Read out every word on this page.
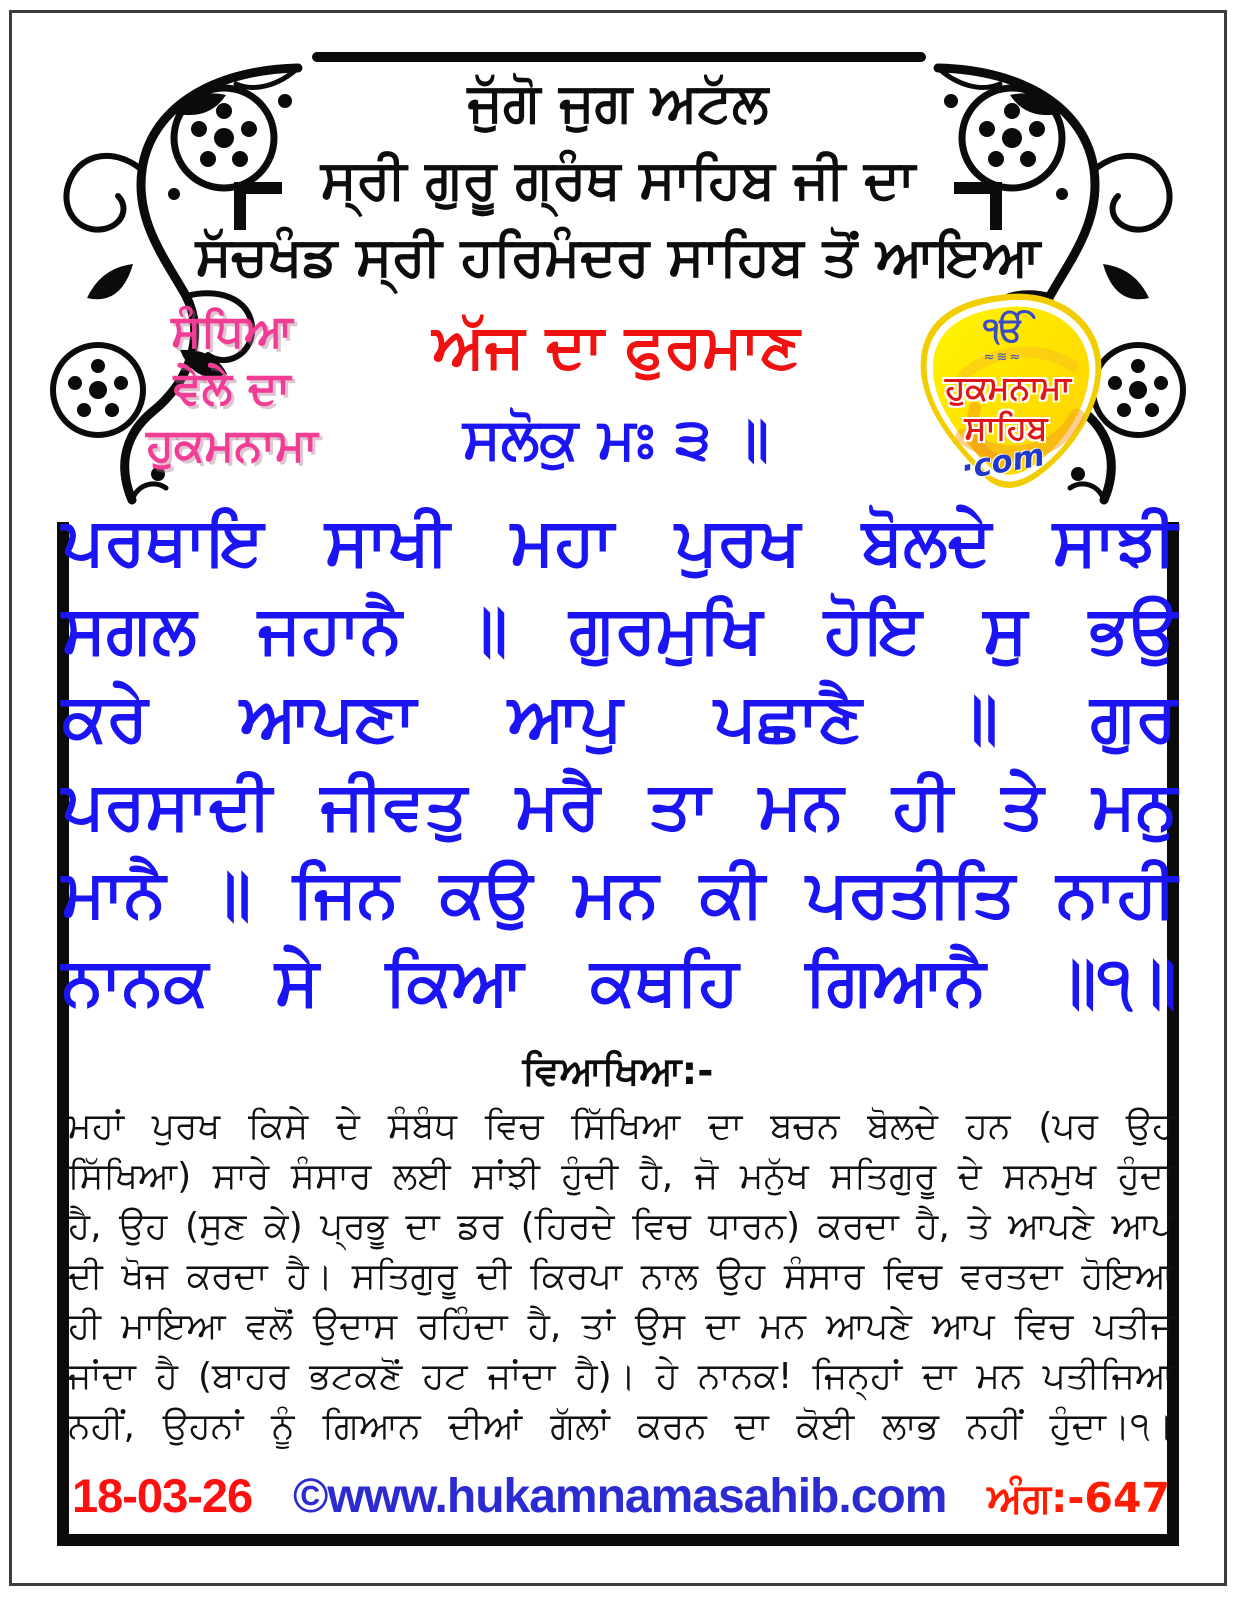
ਜੁੱਗੋ ਜੁਗ ਅਟੱਲ
ਸ੍ਰੀ ਗੁਰੂ ਗ੍ਰੰਥ ਸਾਹਿਬ ਜੀ ਦਾ
ਸੱਚਖੰਡ ਸ੍ਰੀ ਹਰਿਮੰਦਰ ਸਾਹਿਬ ਤੋਂ ਆਇਆ
ਸੰਧਿਆ
ਵੇਲੇ ਦਾ
ਹੁਕਮਨਾਮਾ
ਅੱਜ ਦਾ ਫੁਰਮਾਣ
ਸਲੋਕੁ ਮਃ ੩ ॥
ੴ
≈≋≈
ਹੁਕਮਨਾਮਾ
ਸਾਹਿਬ
·com
ਪਰਥਾਇ ਸਾਖੀ ਮਹਾ ਪੁਰਖ ਬੋਲਦੇ ਸਾਝੀ
ਸਗਲ ਜਹਾਨੈ ॥ ਗੁਰਮੁਖਿ ਹੋਇ ਸੁ ਭਉ
ਕਰੇ ਆਪਣਾ ਆਪੁ ਪਛਾਣੈ ॥ ਗੁਰ
ਪਰਸਾਦੀ ਜੀਵਤੁ ਮਰੈ ਤਾ ਮਨ ਹੀ ਤੇ ਮਨੁ
ਮਾਨੈ ॥ ਜਿਨ ਕਉ ਮਨ ਕੀ ਪਰਤੀਤਿ ਨਾਹੀ
ਨਾਨਕ ਸੇ ਕਿਆ ਕਥਹਿ ਗਿਆਨੈ ॥੧॥
ਵਿਆਖਿਆ:-
ਮਹਾਂ ਪੁਰਖ ਕਿਸੇ ਦੇ ਸੰਬੰਧ ਵਿਚ ਸਿੱਖਿਆ ਦਾ ਬਚਨ ਬੋਲਦੇ ਹਨ (ਪਰ ਉਹ
ਸਿੱਖਿਆ) ਸਾਰੇ ਸੰਸਾਰ ਲਈ ਸਾਂਝੀ ਹੁੰਦੀ ਹੈ, ਜੋ ਮਨੁੱਖ ਸਤਿਗੁਰੂ ਦੇ ਸਨਮੁਖ ਹੁੰਦਾ
ਹੈ, ਉਹ (ਸੁਣ ਕੇ) ਪ੍ਰਭੂ ਦਾ ਡਰ (ਹਿਰਦੇ ਵਿਚ ਧਾਰਨ) ਕਰਦਾ ਹੈ, ਤੇ ਆਪਣੇ ਆਪ
ਦੀ ਖੋਜ ਕਰਦਾ ਹੈ। ਸਤਿਗੁਰੂ ਦੀ ਕਿਰਪਾ ਨਾਲ ਉਹ ਸੰਸਾਰ ਵਿਚ ਵਰਤਦਾ ਹੋਇਆ
ਹੀ ਮਾਇਆ ਵਲੋਂ ਉਦਾਸ ਰਹਿੰਦਾ ਹੈ, ਤਾਂ ਉਸ ਦਾ ਮਨ ਆਪਣੇ ਆਪ ਵਿਚ ਪਤੀਜ
ਜਾਂਦਾ ਹੈ (ਬਾਹਰ ਭਟਕਣੋਂ ਹਟ ਜਾਂਦਾ ਹੈ)। ਹੇ ਨਾਨਕ! ਜਿਨ੍ਹਾਂ ਦਾ ਮਨ ਪਤੀਜਿਆ
ਨਹੀਂ, ਉਹਨਾਂ ਨੂੰ ਗਿਆਨ ਦੀਆਂ ਗੱਲਾਂ ਕਰਨ ਦਾ ਕੋਈ ਲਾਭ ਨਹੀਂ ਹੁੰਦਾ।੧।
18-03-26 ©www.hukamnamasahib.com ਅੰਗ:-647
